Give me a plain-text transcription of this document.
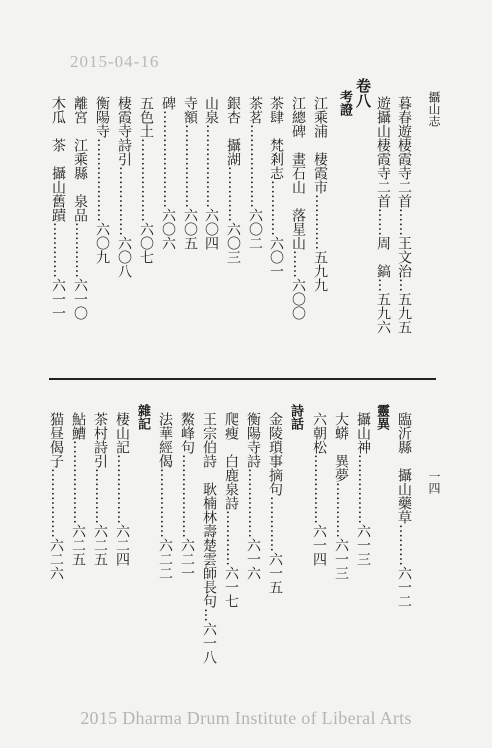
2015-04-16
攝山志
一四

暮春遊棲霞寺二首……王文治…五九五
遊攝山棲霞寺二首……周　鎬…五九六
卷八
考證
江乘浦　棲霞市…………五九九
江總碑　畫石山　落星山……六〇〇
茶肆　梵剎志…………六〇一
茶茗………………六〇二
銀杏　攝湖…………六〇三
山泉………………六〇四
寺額………………六〇五
碑…………………六〇六
五色土………………六〇七
棲霞寺詩引……………六〇八
衡陽寺………………六〇九
離宮　江乘縣　泉品…………六一〇
木瓜　茶　攝山舊蹟…………六一一
臨沂縣　攝山藥草………六一二
靈異
攝山神……………六一三
大蟒　異夢…………六一三
六朝松……………六一四
詩話
金陵瑣事摘句…………六一五
衡陽寺詩……………六一六
爬瘦　白鹿泉詩…………六一七
王宗伯詩　耿楠林壽楚雲師長句…六一八
鰲峰句………………六二一
法華經偈……………六二二
雜記
棲山記……………六二四
茶村詩引…………六二五
鮎鰽………………六二五
猫昼偈子……………六二六
2015 Dharma Drum Institute of Liberal Arts
